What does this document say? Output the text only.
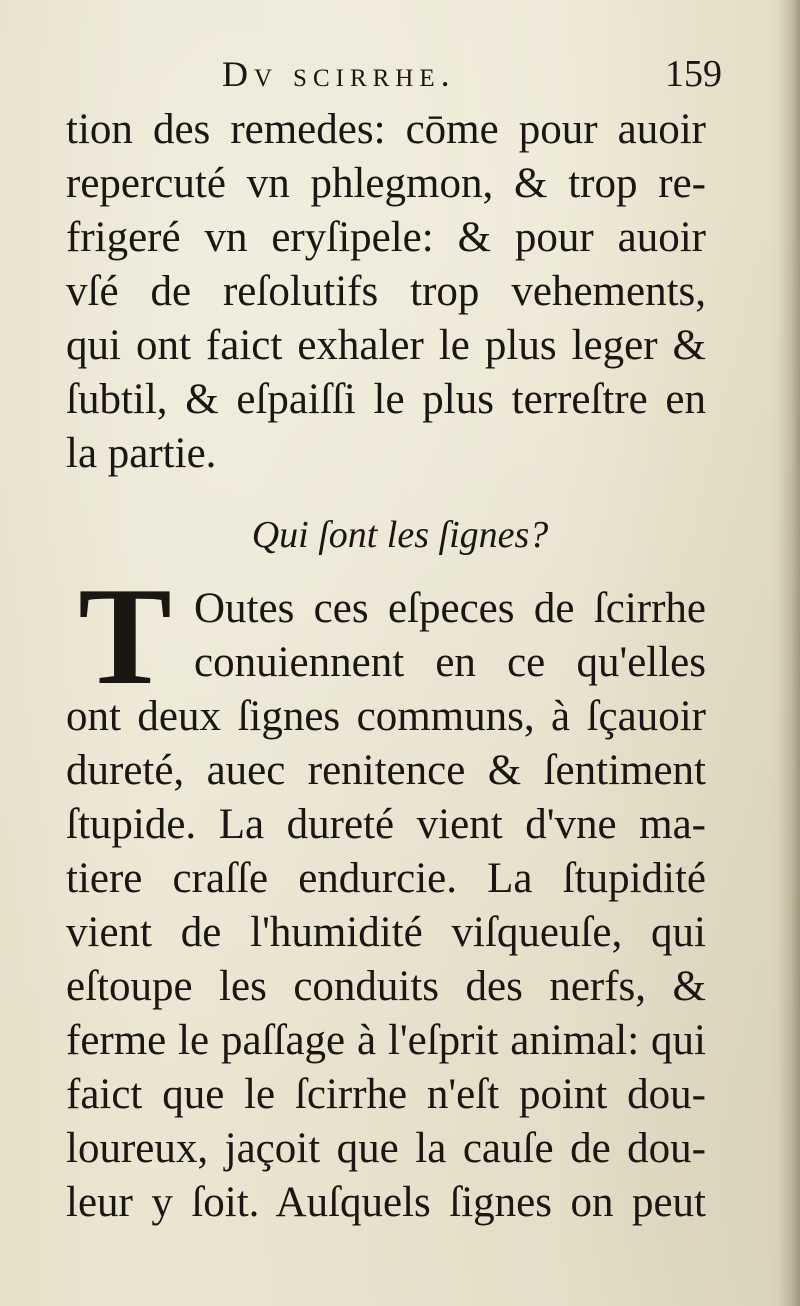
Dv scirrhe.	159
tion des remedes: cōme pour auoir
repercuté vn phlegmon, & trop re-
frigeré vn eryſipele: & pour auoir
vſé de reſolutifs trop vehements,
qui ont faict exhaler le plus leger &
ſubtil, & eſpaiſſi le plus terreſtre en
la partie.
Qui ſont les ſignes?
T Outes ces eſpeces de ſcirrhe
conuiennent en ce qu'elles
ont deux ſignes communs, à ſçauoir
dureté, auec renitence & ſentiment
ſtupide. La dureté vient d'vne ma-
tiere craſſe endurcie. La ſtupidité
vient de l'humidité viſqueuſe, qui
eſtoupe les conduits des nerfs, &
ferme le paſſage à l'eſprit animal: qui
faict que le ſcirrhe n'eſt point dou-
loureux, jaçoit que la cauſe de dou-
leur y ſoit. Auſquels ſignes on peut
